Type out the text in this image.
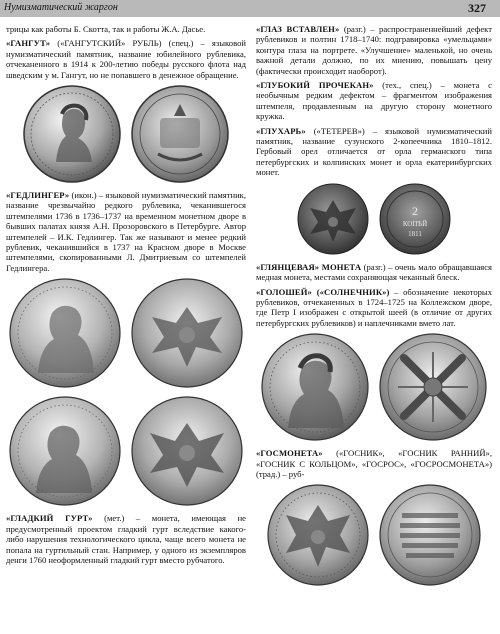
Нумизматический жаргон	327

трицы как работы Б. Скотта, так и работы Ж.А. Дасье.

«ГАНГУТ» («ГАНГУТСКИЙ» РУБЛЬ) (спец.) – языковой нумизматический памятник, название юбилейного рублевика, отчеканенного в 1914 к 200-летию победы русского флота над шведским у м. Гангут, но не попавшего в денежное обращение.

«ГЕДЛИНГЕР» (икон.) – языковой нумизматический памятник, название чрезвычайно редкого рублевика, чеканившегося штемпелями 1736 в 1736–1737 на временном монетном дворе в бывших палатах князя А.Н. Прозоровского в Петербурге. Автор штемпелей – И.К. Гедлингер. Так же называют и менее редкий рублевик, чеканившийся в 1737 на Красном дворе в Москве штемпелями, скопированными Л. Дмитриевым со штемпелей Гедлингера.

«ГЛАДКИЙ ГУРТ» (мет.) – монета, имеющая не предусмотренный проектом гладкий гурт вследствие какого-либо нарушения технологического цикла, чаще всего монета не попала на гуртильный стан. Например, у одного из экземпляров денги 1760 неоформленный гладкий гурт вместо рубчатого.

«ГЛАЗ ВСТАВЛЕН» (разг.) – распространеннейший дефект рублевиков и полтин 1718–1740: подгравировка «умельцами» контура глаза на портрете. «Улучшение» маленькой, но очень важной детали должно, по их мнению, повышать цену (фактически происходит наоборот).

«ГЛУБОКИЙ ПРОЧЕКАН» (тех., спец.) – монета с необычным редким дефектом – фрагментом изображения штемпеля, продавленным на другую сторону монетного кружка.

«ГЛУХАРЬ» («ТЕТЕРЕВ») – языковой нумизматический памятник, название сузунского 2-копеечника 1810–1812. Гербовый орел отличается от орла германского типа петербургских и колпинских монет и орла екатеринбургских монет.

2
КОПѢЙ
1811

«ГЛЯНЦЕВАЯ» МОНЕТА (разг.) – очень мало обращавшаяся медная монета, местами сохраняющая чеканный блеск.

«ГОЛОШЕЙ» («СОЛНЕЧНИК») – обозначение некоторых рублевиков, отчеканенных в 1724–1725 на Коллежском дворе, где Петр I изображен с открытой шеей (в отличие от других петербургских рублевиков) и наплечниками вмето лат.

«ГОСМОНЕТА» («ГОСНИК», «ГОСНИК РАННИЙ», «ГОСНИК С КОЛЬЦОМ», «ГОСРОС», «ГОСРОСМОНЕТА») (трад.) – руб-
